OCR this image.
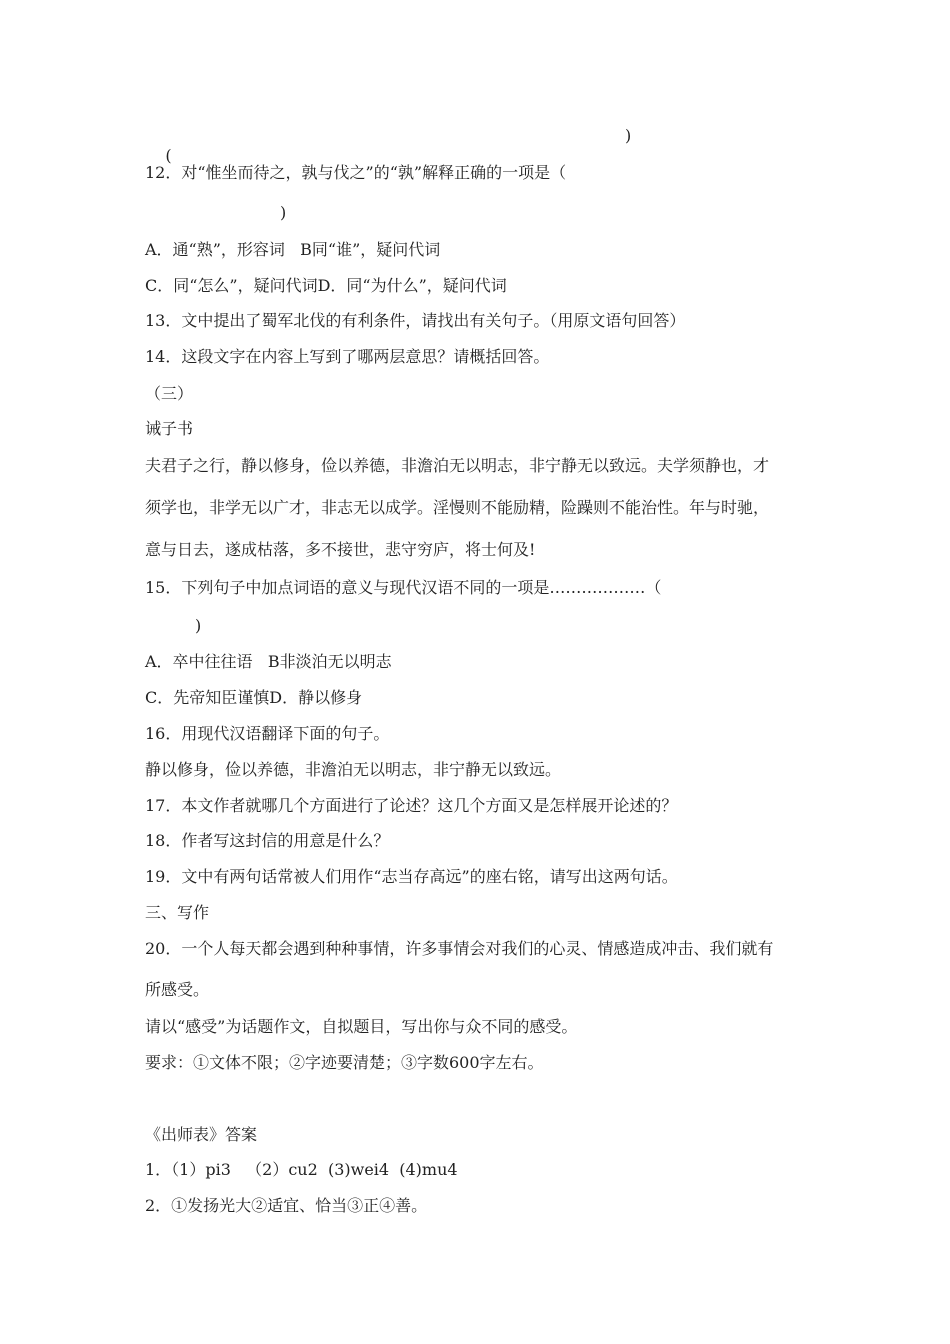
(

)

12．对“惟坐而待之，孰与伐之”的“孰”解释正确的一项是（
)
A．通“熟”，形容词   B同“谁”，疑问代词
C．同“怎么”，疑问代词D．同“为什么”，疑问代词
13．文中提出了蜀军北伐的有利条件，请找出有关句子。（用原文语句回答）
14．这段文字在内容上写到了哪两层意思？请概括回答。
（三）
诫子书
夫君子之行，静以修身，俭以养德，非澹泊无以明志，非宁静无以致远。夫学须静也，才
须学也，非学无以广才，非志无以成学。淫慢则不能励精，险躁则不能治性。年与时驰，
意与日去，遂成枯落，多不接世，悲守穷庐，将士何及!
15．下列句子中加点词语的意义与现代汉语不同的一项是………………（
)
A．卒中往往语   B非淡泊无以明志
C．先帝知臣谨慎D．静以修身
16．用现代汉语翻译下面的句子。
静以修身，俭以养德，非澹泊无以明志，非宁静无以致远。
17．本文作者就哪几个方面进行了论述？这几个方面又是怎样展开论述的？
18．作者写这封信的用意是什么？
19．文中有两句话常被人们用作“志当存高远”的座右铭，请写出这两句话。
三、写作
20．一个人每天都会遇到种种事情，许多事情会对我们的心灵、情感造成冲击、我们就有
所感受。
请以“感受”为话题作文，自拟题目，写出你与众不同的感受。
要求：①文体不限；②字迹要清楚；③字数600字左右。
《出师表》答案
1．（1）pi3   （2）cu2  (3)wei4  (4)mu4
2．①发扬光大②适宜、恰当③正④善。
